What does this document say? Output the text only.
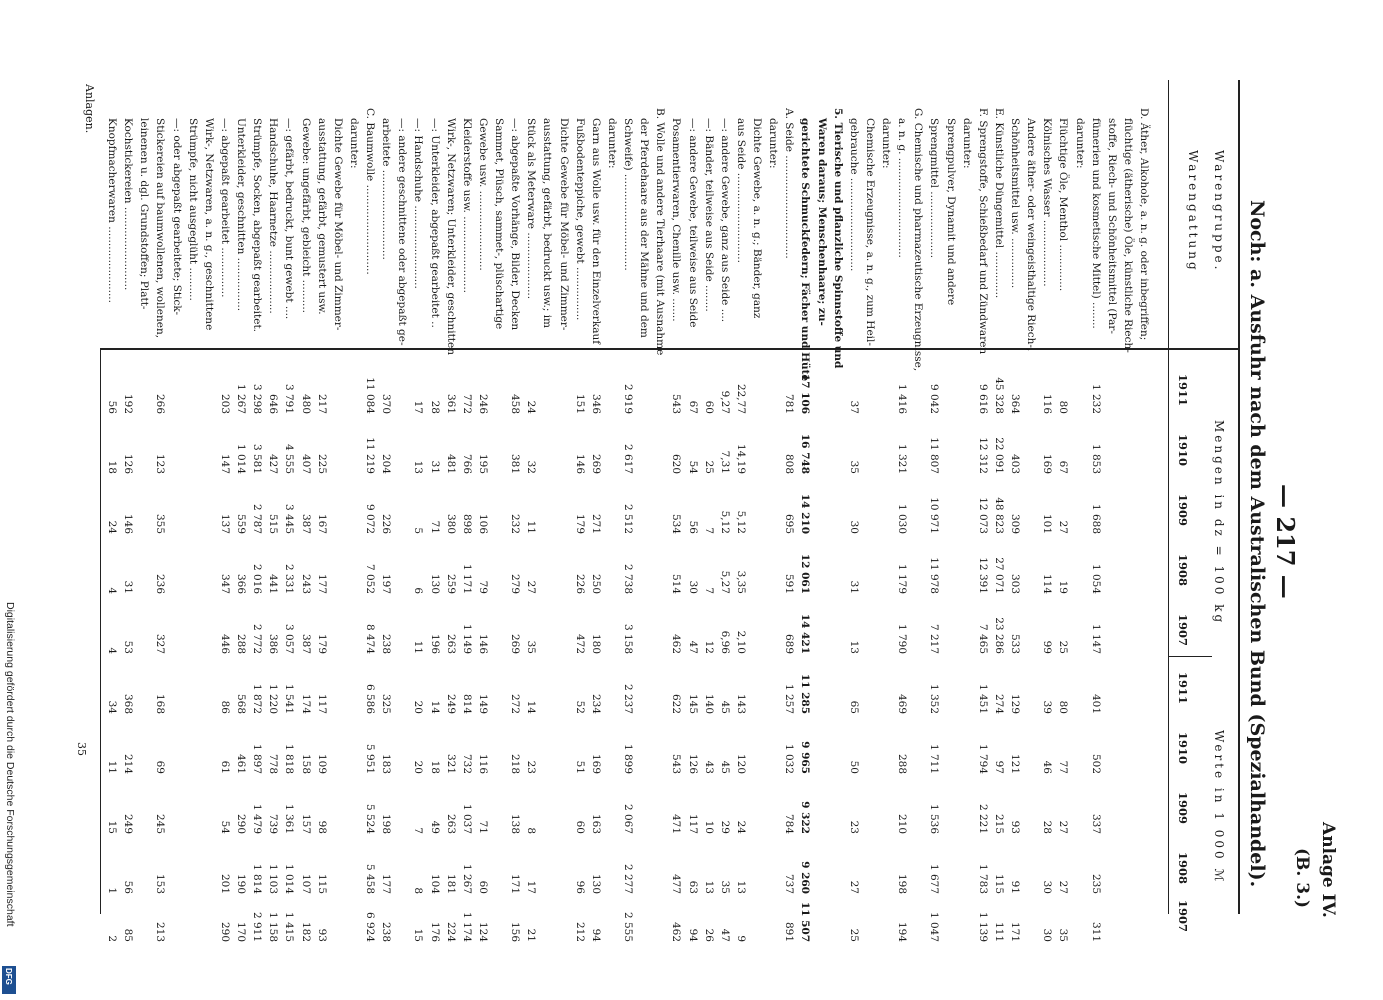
Digitalisierung gefördert durch die Deutsche Forschungsgemeinschaft
DFG
— 217 —
Noch: a. Ausfuhr nach dem Australischen Bund (Spezialhandel).	Anlage IV.
(B. 3.)
Anlagen.
35
Warengruppe.
Warengattung
Mengen in dz = 100 kg
Werte in 1 000 ℳ
1911
1910
1909
1908
1907
1911
1910
1909
1908
1907
D. Äther, Alkohole, a. n. g. oder inbegriffen;
flüchtige (ätherische) Öle, künstliche Riech-
stoffe, Riech- und Schönheitsmittel (Par-
fümerien und kosmetische Mittel) ........
1 232
1 853
1 688
1 054
1 147
401
502
337
235
311
darunter:
Flüchtige Öle, Menthol ..............
80
67
27
19
25
80
77
27
27
35
Kölnisches Wasser ....................
116
169
101
114
99
39
46
28
30
30
Andere äther- oder weingeisthaltige Riech-,
Schönheitsmittel usw. ...............
364
403
309
303
533
129
121
93
91
171
E. Künstliche Düngemittel ..............
45 328
22 091
48 823
27 071
23 286
274
97
215
115
111
F. Sprengstoffe, Schießbedarf und Zündwaren
9 616
12 312
12 073
12 391
7 465
1 451
1 794
2 221
1 783
1 139
darunter:
Sprengpulver, Dynamit und andere
Sprengmittel ....................
9 042
11 807
10 971
11 978
7 217
1 352
1 711
1 536
1 677
1 047
G. Chemische und pharmazeutische Erzeugnisse,
a. n. g. ..............................
1 416
1 321
1 030
1 179
1 790
469
288
210
198
194
darunter:
Chemische Erzeugnisse, a. n. g., zum Heil-
gebrauche ............................
37
35
30
31
13
65
50
23
27
25
5. Tierische und pflanzliche Spinnstoffe und
Waren daraus; Menschenhaare; zu-
gerichtete Schmuckfedern; Fächer und Hüte
17 106
16 748
14 210
12 061
14 421
11 285
9 965
9 322
9 260
11 507
A. Seide ...............................
781
808
695
591
689
1 257
1 032
784
737
891
darunter:
Dichte Gewebe, a. n. g.; Bänder, ganz
aus Seide ...........................
22,77
14,19
5,12
3,35
2,10
143
120
24
13
9
—: andere Gewebe, ganz aus Seide ....
9,27
7,31
5,12
5,27
6,96
45
45
29
35
47
—: Bänder, teilweise aus Seide ........
60
25
7
7
12
140
43
10
13
26
—: andere Gewebe, teilweise aus Seide
67
54
56
30
47
145
126
117
63
94
Posamentierwaren, Chenille usw. .......
543
620
534
514
462
622
543
471
477
462
B. Wolle und andere Tierhaare (mit Ausnahme
der Pferdehaare aus der Mähne und dem
Schweife) .............................
2 919
2 617
2 512
2 738
3 158
2 237
1 899
2 067
2 277
2 555
darunter:
Garn aus Wolle usw. für den Einzelverkauf
346
269
271
250
180
234
169
163
130
94
Fußbodenteppiche, gewebt ................
151
146
179
226
472
52
51
60
96
212
Dichte Gewebe für Möbel- und Zimmer-
ausstattung, gefärbt, bedruckt usw.; im
Stück als Meterware ....................
24
32
11
27
35
14
23
8
17
21
—: abgepaßte Vorhänge, Bilder, Decken
458
381
232
279
269
272
218
138
171
156
Sammet, Plüsch, sammet-, plüschartige
Gewebe usw. ........................
246
195
106
79
146
149
116
71
60
124
Kleiderstoffe usw. .......................
772
766
898
1 171
1 149
814
732
1 037
1 267
1 174
Wirk-, Netzwaren; Unterkleider, geschnitten
361
481
380
259
263
249
321
263
181
224
—: Unterkleider, abgepaßt gearbeitet ..
28
31
71
130
196
14
18
49
104
176
—: Handschuhe .........................
17
13
5
6
11
20
20
7
8
15
—: andere geschnittene oder abgepaßt ge-
arbeitete ...........................
370
204
226
197
238
325
183
198
177
238
C. Baumwolle ...........................
11 084
11 219
9 072
7 052
8 474
6 586
5 951
5 524
5 458
6 924
darunter:
Dichte Gewebe für Möbel- und Zimmer-
ausstattung, gefärbt, gemustert usw.
217
225
167
177
179
117
109
98
115
93
Gewebe: ungefärbt, gebleicht ..........
480
407
387
243
387
174
158
157
107
182
—: gefärbt, bedruckt, bunt gewebt ....
3 791
4 555
3 445
2 331
3 057
1 541
1 818
1 361
1 014
1 415
Handschuhe, Haarnetze ...................
646
427
515
441
386
1 220
778
739
1 103
1 158
Strümpfe, Socken, abgepaßt gearbeitet.
3 298
3 581
2 787
2 016
2 772
1 872
1 897
1 479
1 814
2 911
Unterkleider, geschnitten ................
1 267
1 014
559
366
288
568
461
290
190
170
—: abgepaßt gearbeitet ...............
203
147
137
347
446
86
61
54
201
290
Wirk-, Netzwaren, a. n. g., geschnittene
Strümpfe, nicht ausgeglüht ..........
—: oder abgepaßt gearbeitete; Stick-
Stickereien auf baumwollenen, wollenen,
266
123
355
236
327
168
69
245
153
213
leinenen u. dgl. Grundstoffen; Platt-
Kochstickereien .........................
192
126
146
31
53
368
214
249
56
85
Knopfmacherwaren .......................
56
18
24
4
4
34
11
15
1
2
